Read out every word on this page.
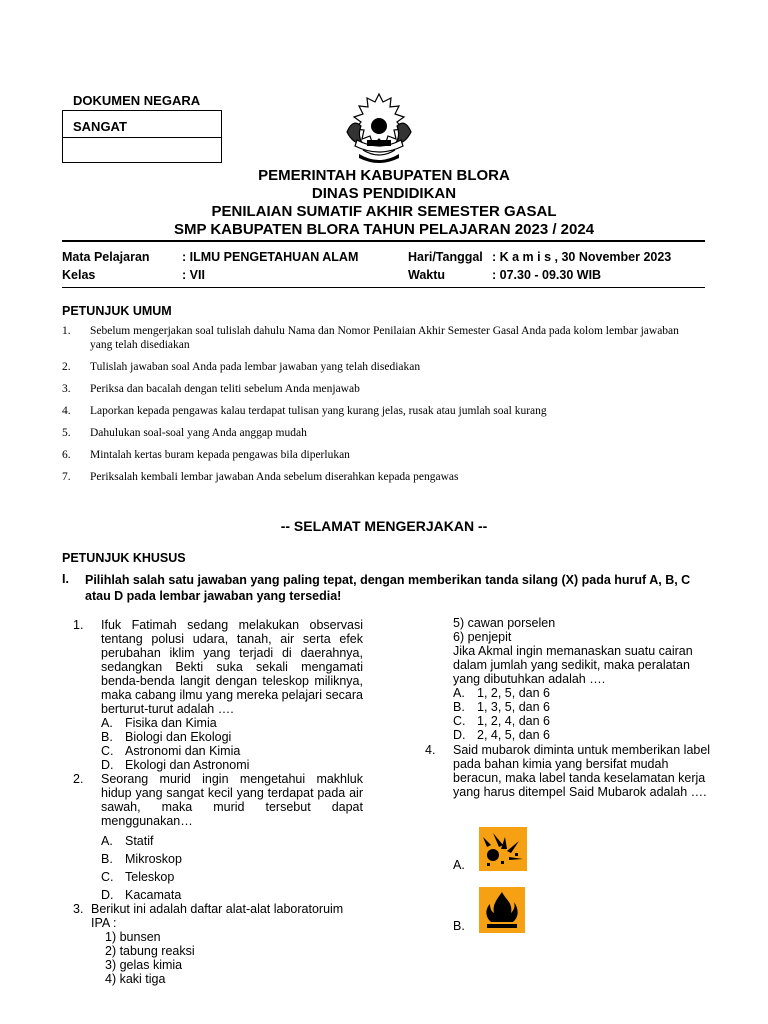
DOKUMEN NEGARA
SANGAT
PEMERINTAH KABUPATEN BLORA
DINAS PENDIDIKAN
PENILAIAN SUMATIF AKHIR SEMESTER GASAL
SMP KABUPATEN BLORA TAHUN PELAJARAN 2023 / 2024
Mata Pelajaran	: ILMU PENGETAHUAN ALAM
Kelas	: VII
Hari/Tanggal : K a m i s , 30 November 2023
Waktu	: 07.30 - 09.30 WIB
PETUNJUK UMUM
1. Sebelum mengerjakan soal tulislah dahulu Nama dan Nomor Penilaian Akhir Semester Gasal Anda pada kolom lembar jawaban yang telah disediakan
2. Tulislah jawaban soal Anda pada lembar jawaban yang telah disediakan
3. Periksa dan bacalah dengan teliti sebelum Anda menjawab
4. Laporkan kepada pengawas kalau terdapat tulisan yang kurang jelas, rusak atau jumlah soal kurang
5. Dahulukan soal-soal yang Anda anggap mudah
6. Mintalah kertas buram kepada pengawas bila diperlukan
7. Periksalah kembali lembar jawaban Anda sebelum diserahkan kepada pengawas
-- SELAMAT MENGERJAKAN --
PETUNJUK KHUSUS
I. Pilihlah salah satu jawaban yang paling tepat, dengan memberikan tanda silang (X) pada huruf A, B, C atau D pada lembar jawaban yang tersedia!
1. Ifuk Fatimah sedang melakukan observasi tentang polusi udara, tanah, air serta efek perubahan iklim yang terjadi di daerahnya, sedangkan Bekti suka sekali mengamati benda-benda langit dengan teleskop miliknya, maka cabang ilmu yang mereka pelajari secara berturut-turut adalah ….
A. Fisika dan Kimia
B. Biologi dan Ekologi
C. Astronomi dan Kimia
D. Ekologi dan Astronomi
2. Seorang murid ingin mengetahui makhluk hidup yang sangat kecil yang terdapat pada air sawah, maka murid tersebut dapat menggunakan…
A. Statif
B. Mikroskop
C. Teleskop
D. Kacamata
3. Berikut ini adalah daftar alat-alat laboratoruim
IPA :
1) bunsen
2) tabung reaksi
3) gelas kimia
4) kaki tiga
5) cawan porselen
6) penjepit
Jika Akmal ingin memanaskan suatu cairan dalam jumlah yang sedikit, maka peralatan yang dibutuhkan adalah ….
A. 1, 2, 5, dan 6
B. 1, 3, 5, dan 6
C. 1, 2, 4, dan 6
D. 2, 4, 5, dan 6
4. Said mubarok diminta untuk memberikan label pada bahan kimia yang bersifat mudah beracun, maka label tanda keselamatan kerja yang harus ditempel Said Mubarok adalah ….
A.
B.
